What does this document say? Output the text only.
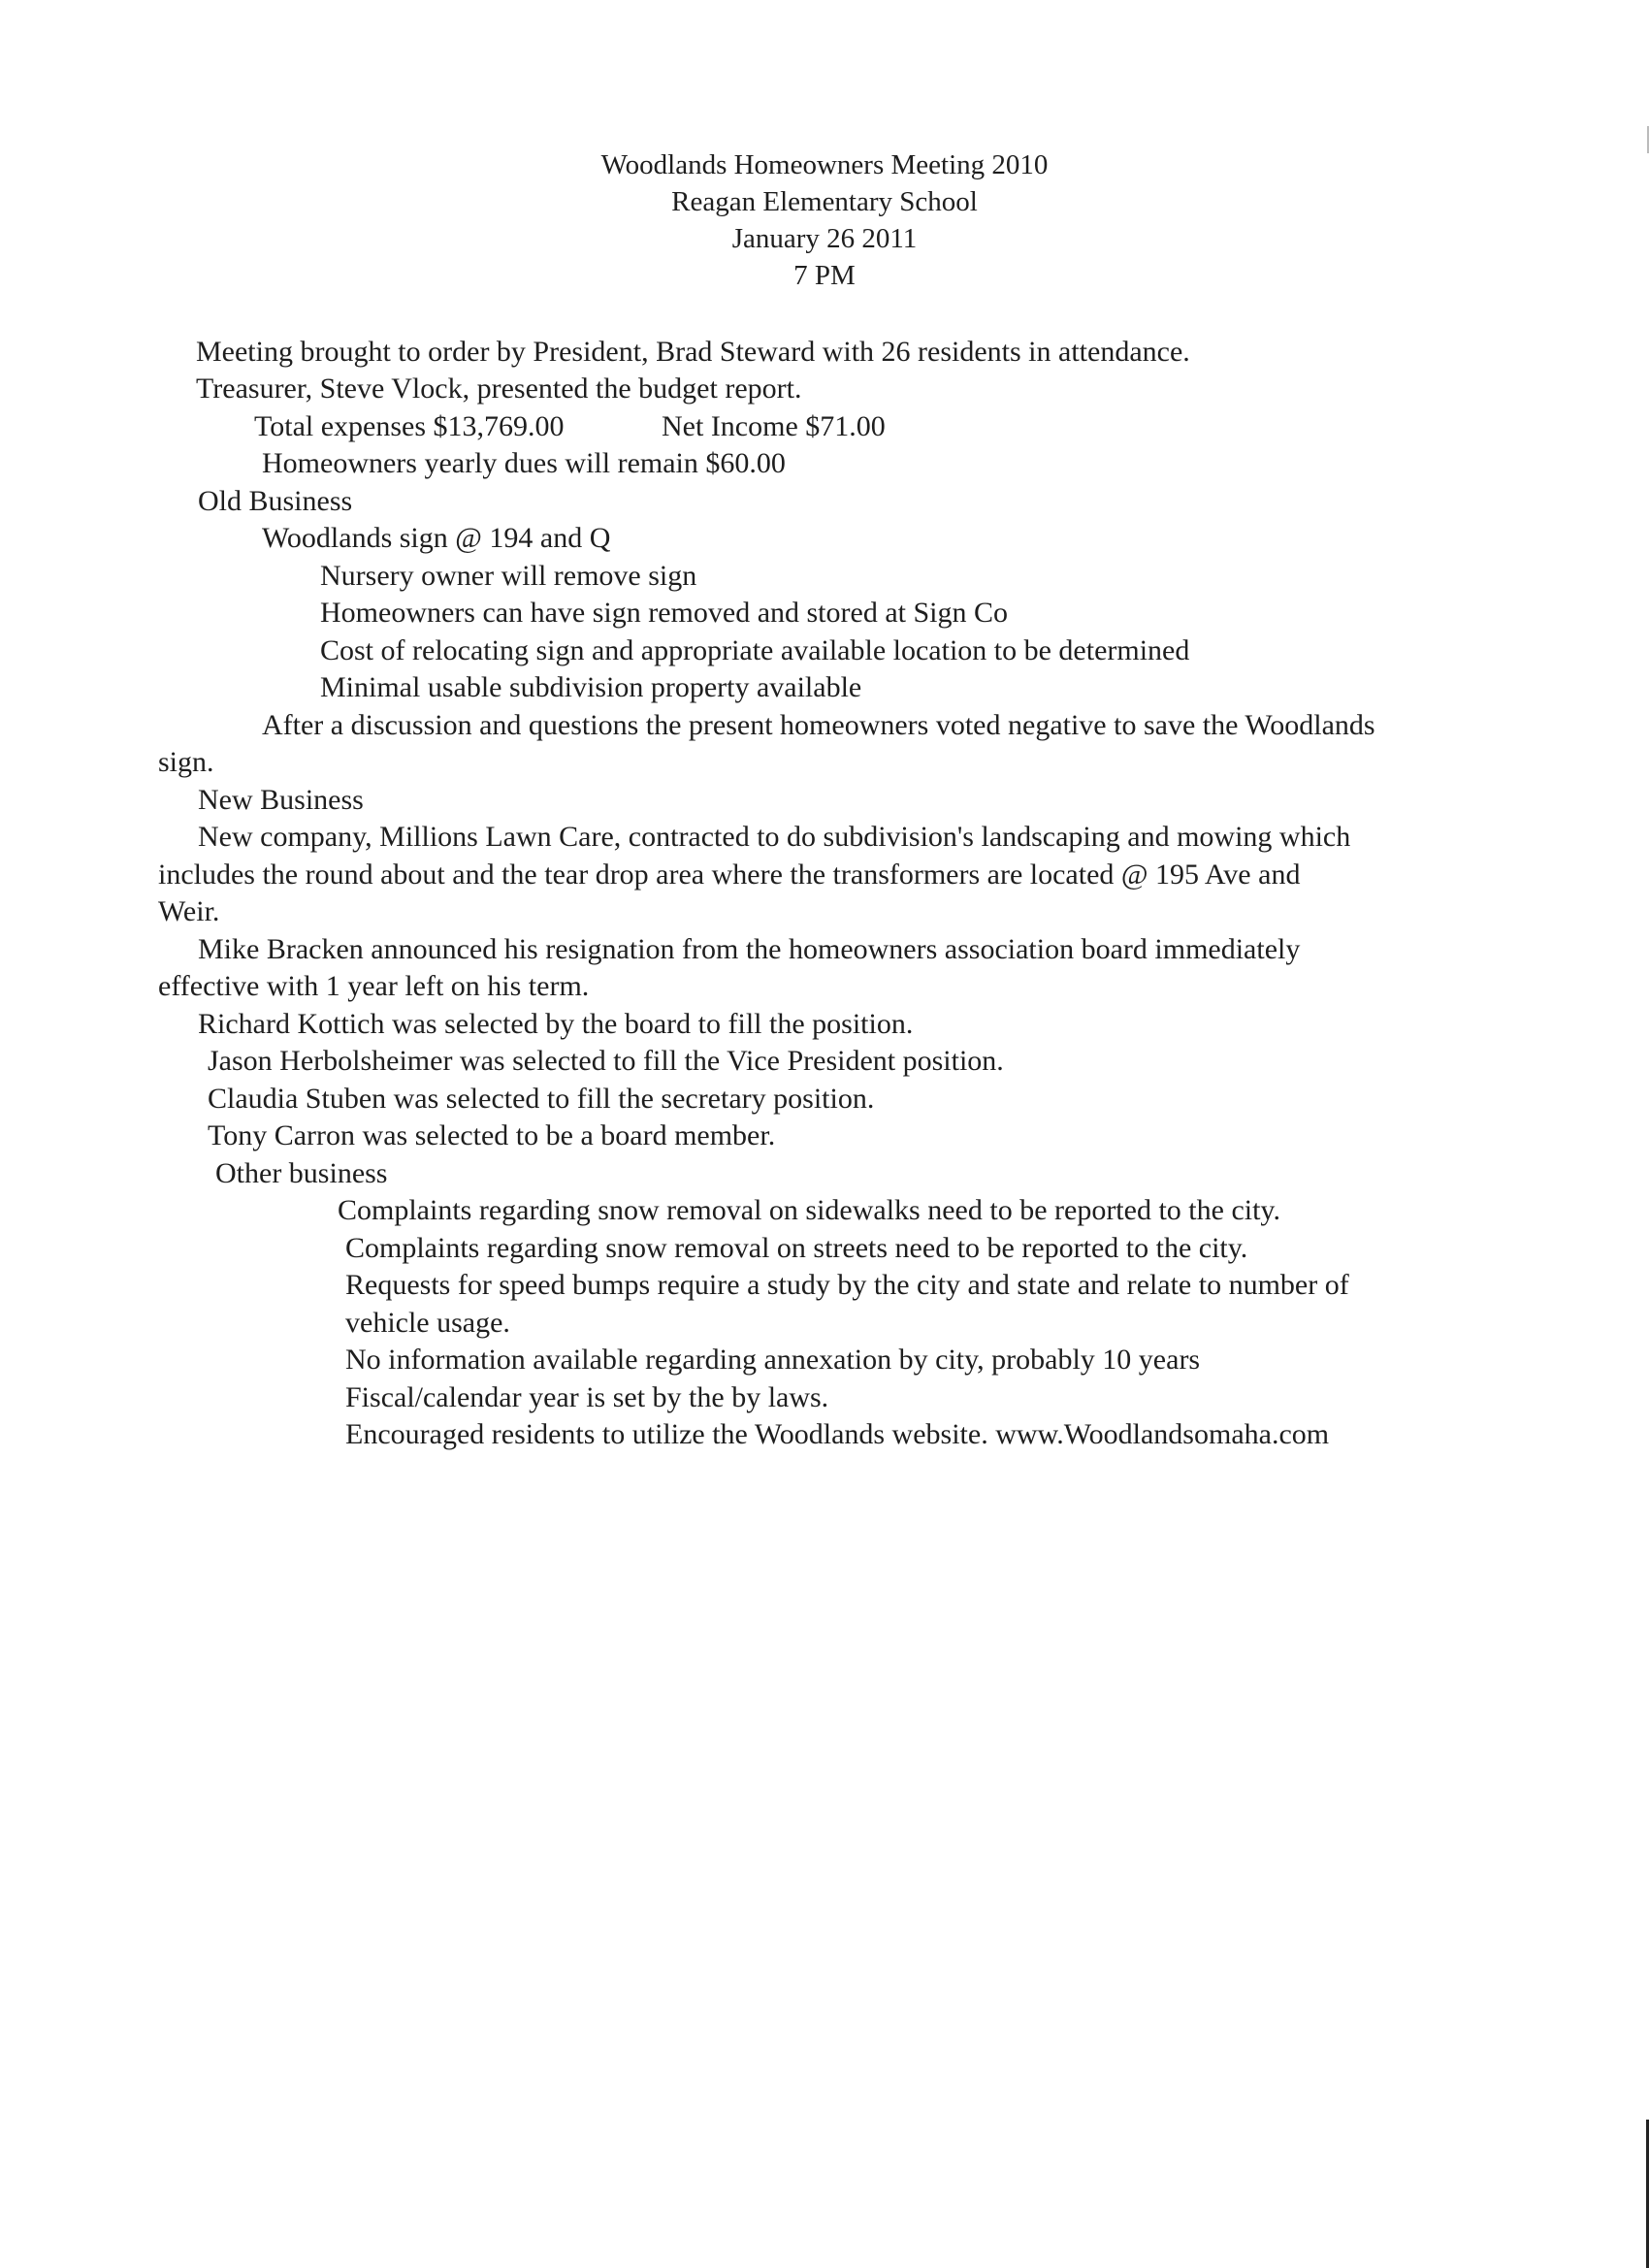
Woodlands Homeowners Meeting 2010
Reagan Elementary School
January 26 2011
7 PM
Meeting brought to order by President, Brad Steward with 26 residents in attendance.
Treasurer, Steve Vlock, presented the budget report.
Total expenses $13,769.00	Net Income $71.00
Homeowners yearly dues will remain $60.00
Old Business
Woodlands sign @ 194 and Q
Nursery owner will remove sign
Homeowners can have sign removed and stored at Sign Co
Cost of relocating sign and appropriate available location to be determined
Minimal usable subdivision property available
After a discussion and questions the present homeowners voted negative to save the Woodlands
sign.
New Business
New company, Millions Lawn Care, contracted to do subdivision's landscaping and mowing which
includes the round about and the tear drop area where the transformers are located @ 195 Ave and
Weir.
Mike Bracken announced his resignation from the homeowners association board immediately
effective with 1 year left on his term.
Richard Kottich was selected by the board to fill the position.
Jason Herbolsheimer was selected to fill the Vice President position.
Claudia Stuben was selected to fill the secretary position.
Tony Carron was selected to be a board member.
Other business
Complaints regarding snow removal on sidewalks need to be reported to the city.
Complaints regarding snow removal on streets need to be reported to the city.
Requests for speed bumps require a study by the city and state and relate to number of
vehicle usage.
No information available regarding annexation by city, probably 10 years
Fiscal/calendar year is set by the by laws.
Encouraged residents to utilize the Woodlands website. www.Woodlandsomaha.com
